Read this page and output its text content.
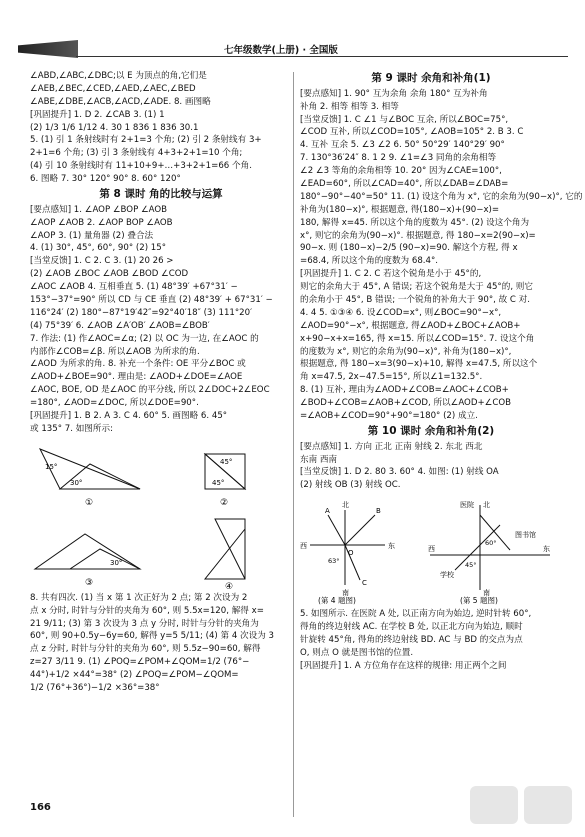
七年级数学(上册) · 全国版

∠ABD,∠ABC,∠DBC;以 E 为顶点的角,它们是

∠AEB,∠BEC,∠CED,∠AED,∠AEC,∠BED

∠ABE,∠DBE,∠ACB,∠ACD,∠ADE. 8. 画图略

[巩固提升] 1. D 2. ∠CAB 3. (1) 1

(2) 1/3 1/6 1/12 4. 30 1 836 1 836 30.1

5. (1) 引 1 条射线时有 2+1=3 个角; (2) 引 2 条射线有 3+

2+1=6 个角; (3) 引 3 条射线有 4+3+2+1=10 个角;

(4) 引 10 条射线时有 11+10+9+…+3+2+1=66 个角.

6. 图略 7. 30° 120° 90° 8. 60° 120°

第 8 课时 角的比较与运算

[要点感知] 1. ∠AOP ∠BOP ∠AOB

∠AOP ∠AOB 2. ∠AOP BOP ∠AOB

∠AOP 3. (1) 量角器 (2) 叠合法

4. (1) 30°, 45°, 60°, 90° (2) 15°

[当堂反馈] 1. C 2. C 3. (1) 20 26 >

(2) ∠AOB ∠BOC ∠AOB ∠BOD ∠COD

∠AOC ∠AOB 4. 互相垂直 5. (1) 48°39′ +67°31′ −

153°−37°=90° 所以 CD 与 CE 垂直 (2) 48°39′ + 67°31′ −

116°24′ (2) 180°−87°19′42″=92°40′18″ (3) 111°20′

(4) 75°39′ 6. ∠AOB ∠A′OB′ ∠AOB=∠BOB′

7. 作法: (1) 作∠AOC=∠α; (2) 以 OC 为一边, 在∠AOC 的

内部作∠COB=∠β. 所以∠AOB 为所求的角.

∠AOD 为所求的角. 8. 补充一个条件: OE 平分∠BOC 或

∠AOD+∠BOE=90°. 理由是: ∠AOD+∠DOE=∠AOE

∠AOC, BOE, OD 是∠AOC 的平分线, 所以 2∠DOC+2∠EOC

=180°, ∠AOD=∠DOC, 所以∠DOE=90°.

[巩固提升] 1. B 2. A 3. C 4. 60° 5. 画图略 6. 45°

或 135° 7. 如图所示:

15°
30°
45°
45°
30°
①	②
③	④

8. 共有四次. (1) 当 x 第 1 次正好为 2 点; 第 2 次设为 2

点 x 分时, 时针与分针的夹角为 60°, 则 5.5x=120, 解得 x=

21 9/11; (3) 第 3 次设为 3 点 y 分时, 时针与分针的夹角为

60°, 则 90+0.5y−6y=60, 解得 y=5 5/11; (4) 第 4 次设为 3

点 z 分时, 时针与分针的夹角为 60°, 则 5.5z−90=60, 解得

z=27 3/11 9. (1) ∠POQ=∠POM+∠QOM=1/2 (76°−

44°)+1/2 ×44°=38° (2) ∠POQ=∠POM−∠QOM=

1/2 (76°+36°)−1/2 ×36°=38°

第 9 课时 余角和补角(1)

[要点感知] 1. 90° 互为余角 余角 180° 互为补角

补角 2. 相等 相等 3. 相等

[当堂反馈] 1. C ∠1 与∠BOC 互余, 所以∠BOC=75°,

∠COD 互补, 所以∠COD=105°, ∠AOB=105° 2. B 3. C

4. 互补 互余 5. ∠3 ∠2 6. 50° 50°29′ 140°29′ 90°

7. 130°36′24″ 8. 1 2 9. ∠1=∠3 同角的余角相等

∠2 ∠3 等角的余角相等 10. 20° 因为∠CAE=100°,

∠EAD=60°, 所以∠CAD=40°, 所以∠DAB=∠DAB=

180°−90°−40°=50° 11. (1) 设这个角为 x°, 它的余角为(90−x)°, 它的

补角为(180−x)°, 根据题意, 得(180−x)+(90−x)=

180, 解得 x=45. 所以这个角的度数为 45°. (2) 设这个角为

x°, 则它的余角为(90−x)°. 根据题意, 得 180−x=2(90−x)=

90−x. 则 (180−x)−2/5 (90−x)=90. 解这个方程, 得 x

=68.4, 所以这个角的度数为 68.4°.

[巩固提升] 1. C 2. C 若这个锐角是小于 45°的,

则它的余角大于 45°, A 错误; 若这个锐角是大于 45°的, 则它

的余角小于 45°, B 错误; 一个锐角的补角大于 90°, 故 C 对.

4. 4 5. ①③④ 6. 设∠COD=x°, 则∠BOC=90°−x°,

∠AOD=90°−x°, 根据题意, 得∠AOD+∠BOC+∠AOB+

x+90−x+x=165, 得 x=15. 所以∠COD=15°. 7. 设这个角

的度数为 x°, 则它的余角为(90−x)°, 补角为(180−x)°,

根据题意, 得 180−x=3(90−x)+10, 解得 x=47.5, 所以这个

角 x=47.5, 2x−47.5=15°, 所以∠1=132.5°.

8. (1) 互补, 理由为∠AOD+∠COB=∠AOC+∠COB+

∠BOD+∠COB=∠AOB+∠COD, 所以∠AOD+∠COB

=∠AOB+∠COD=90°+90°=180° (2) 成立.

第 10 课时 余角和补角(2)

[要点感知] 1. 方向 正北 正南 射线 2. 东北 西北

东南 西南

[当堂反馈] 1. D 2. 80 3. 60° 4. 如图: (1) 射线 OA

(2) 射线 OB (3) 射线 OC.

北
南
东
西
O
A	B
C
63°
(第 4 题图)
医院 北
图书馆
东
西
学校
南
60°
45°
(第 5 题图)

5. 如图所示. 在医院 A 处, 以正南方向为始边, 逆时针转 60°,

得角的终边射线 AC. 在学校 B 处, 以正北方向为始边, 顺时

针旋转 45°角, 得角的终边射线 BD. AC 与 BD 的交点为点

O, 则点 O 就是图书馆的位置.

[巩固提升] 1. A 方位角存在这样的规律: 用正两个之间

166
